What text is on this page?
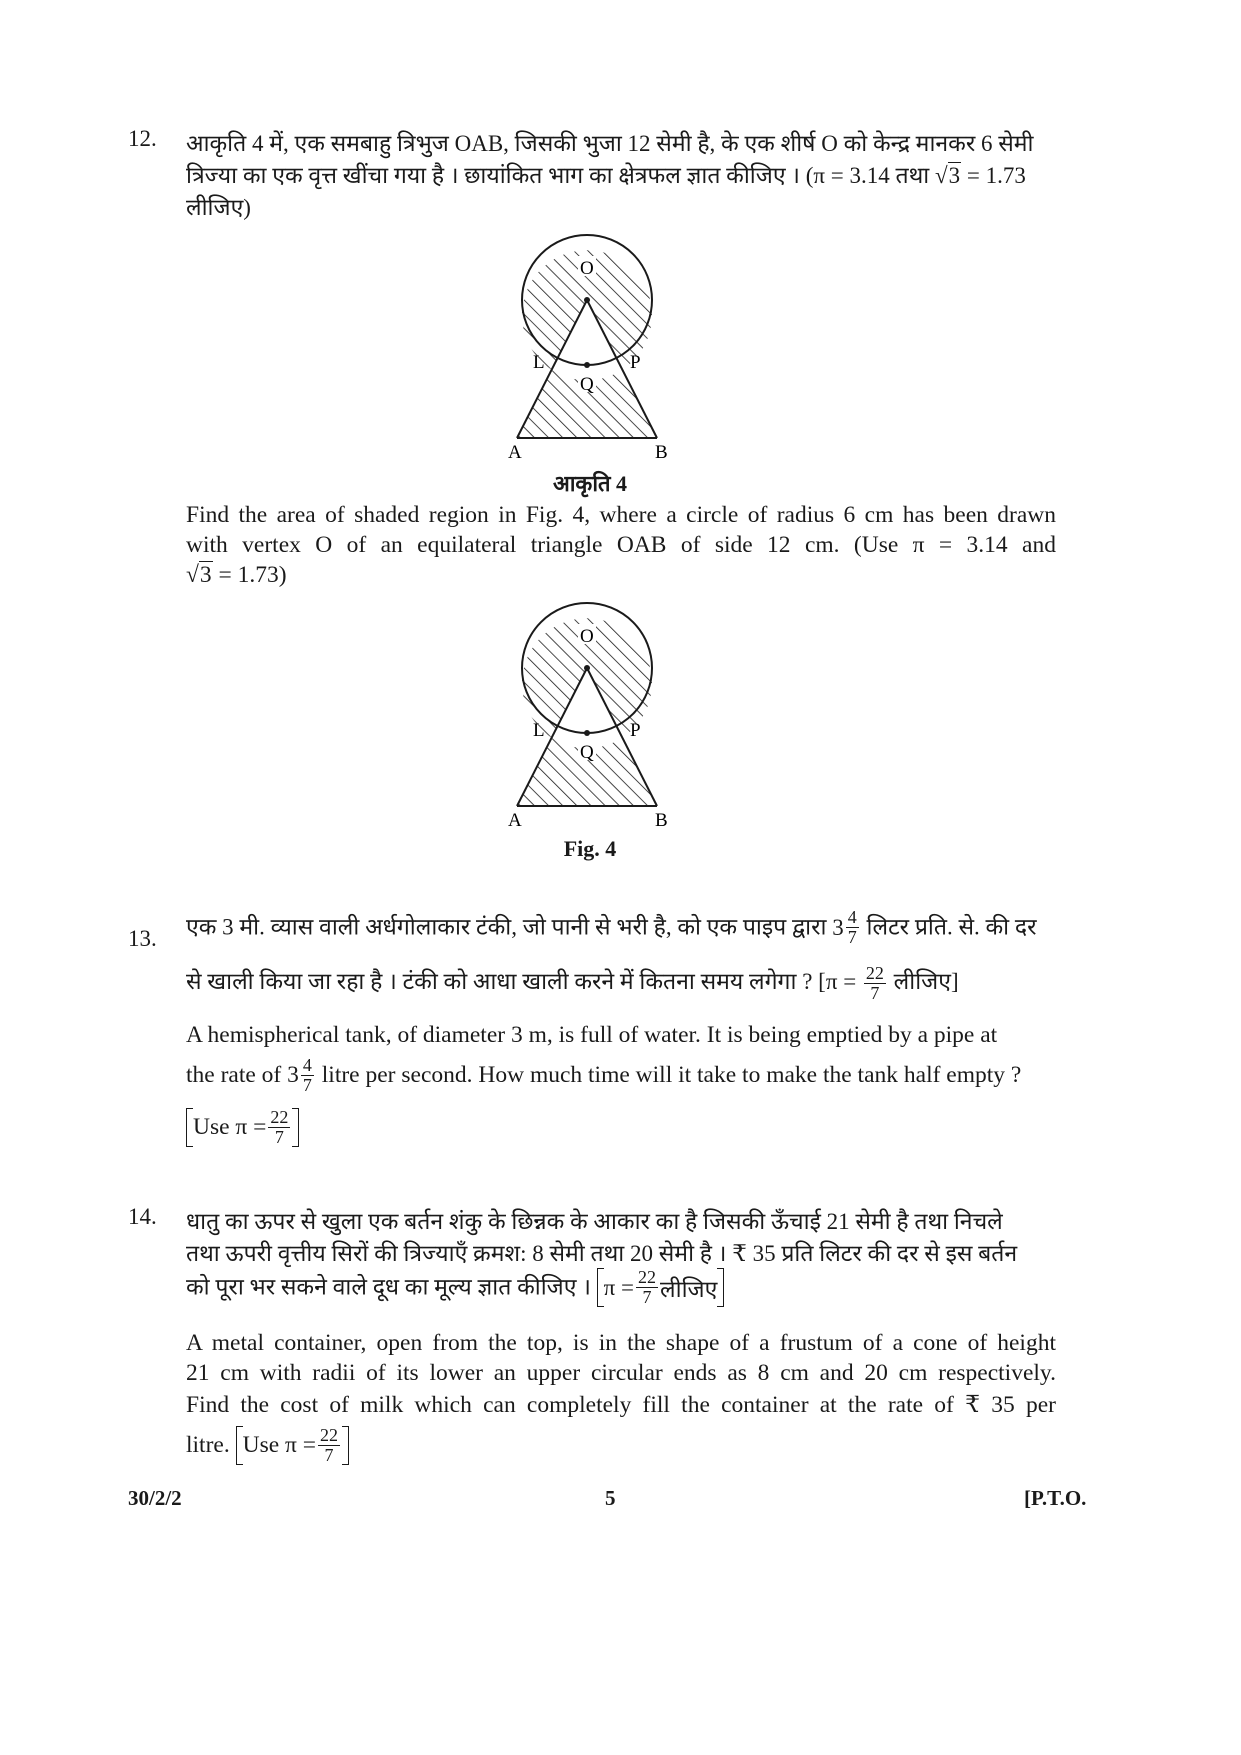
12. आकृति 4 में, एक समबाहु त्रिभुज OAB, जिसकी भुजा 12 सेमी है, के एक शीर्ष O को केन्द्र मानकर 6 सेमी
त्रिज्या का एक वृत्त खींचा गया है । छायांकित भाग का क्षेत्रफल ज्ञात कीजिए । (π = 3.14 तथा √3 = 1.73
लीजिए)
O
Q
L	P
A	B
आकृति 4
Find the area of shaded region in Fig. 4, where a circle of radius 6 cm has been drawn
with vertex O of an equilateral triangle OAB of side 12 cm. (Use π = 3.14 and
√3 = 1.73)
O
Q
L	P
A	B
Fig. 4
13. एक 3 मी. व्यास वाली अर्धगोलाकार टंकी, जो पानी से भरी है, को एक पाइप द्वारा $3 \frac{4}{7}$ लिटर प्रति. से. की दर
से खाली किया जा रहा है । टंकी को आधा खाली करने में कितना समय लगेगा ? [$\pi = \frac{22}{7}$ लीजिए]
A hemispherical tank, of diameter 3 m, is full of water. It is being emptied by a pipe at
the rate of $3 \frac{4}{7}$ litre per second. How much time will it take to make the tank half empty ?
Use $\pi = \frac{22}{7}$
14. धातु का ऊपर से खुला एक बर्तन शंकु के छिन्नक के आकार का है जिसकी ऊँचाई 21 सेमी है तथा निचले
तथा ऊपरी वृत्तीय सिरों की त्रिज्याएँ क्रमश: 8 सेमी तथा 20 सेमी है । ₹ 35 प्रति लिटर की दर से इस बर्तन
को पूरा भर सकने वाले दूध का मूल्य ज्ञात कीजिए । $\pi = \frac{22}{7}$ लीजिए
A metal container, open from the top, is in the shape of a frustum of a cone of height
21 cm with radii of its lower an upper circular ends as 8 cm and 20 cm respectively.
Find the cost of milk which can completely fill the container at the rate of ₹ 35 per
litre. Use $\pi = \frac{22}{7}$
30/2/2	5	[P.T.O.
